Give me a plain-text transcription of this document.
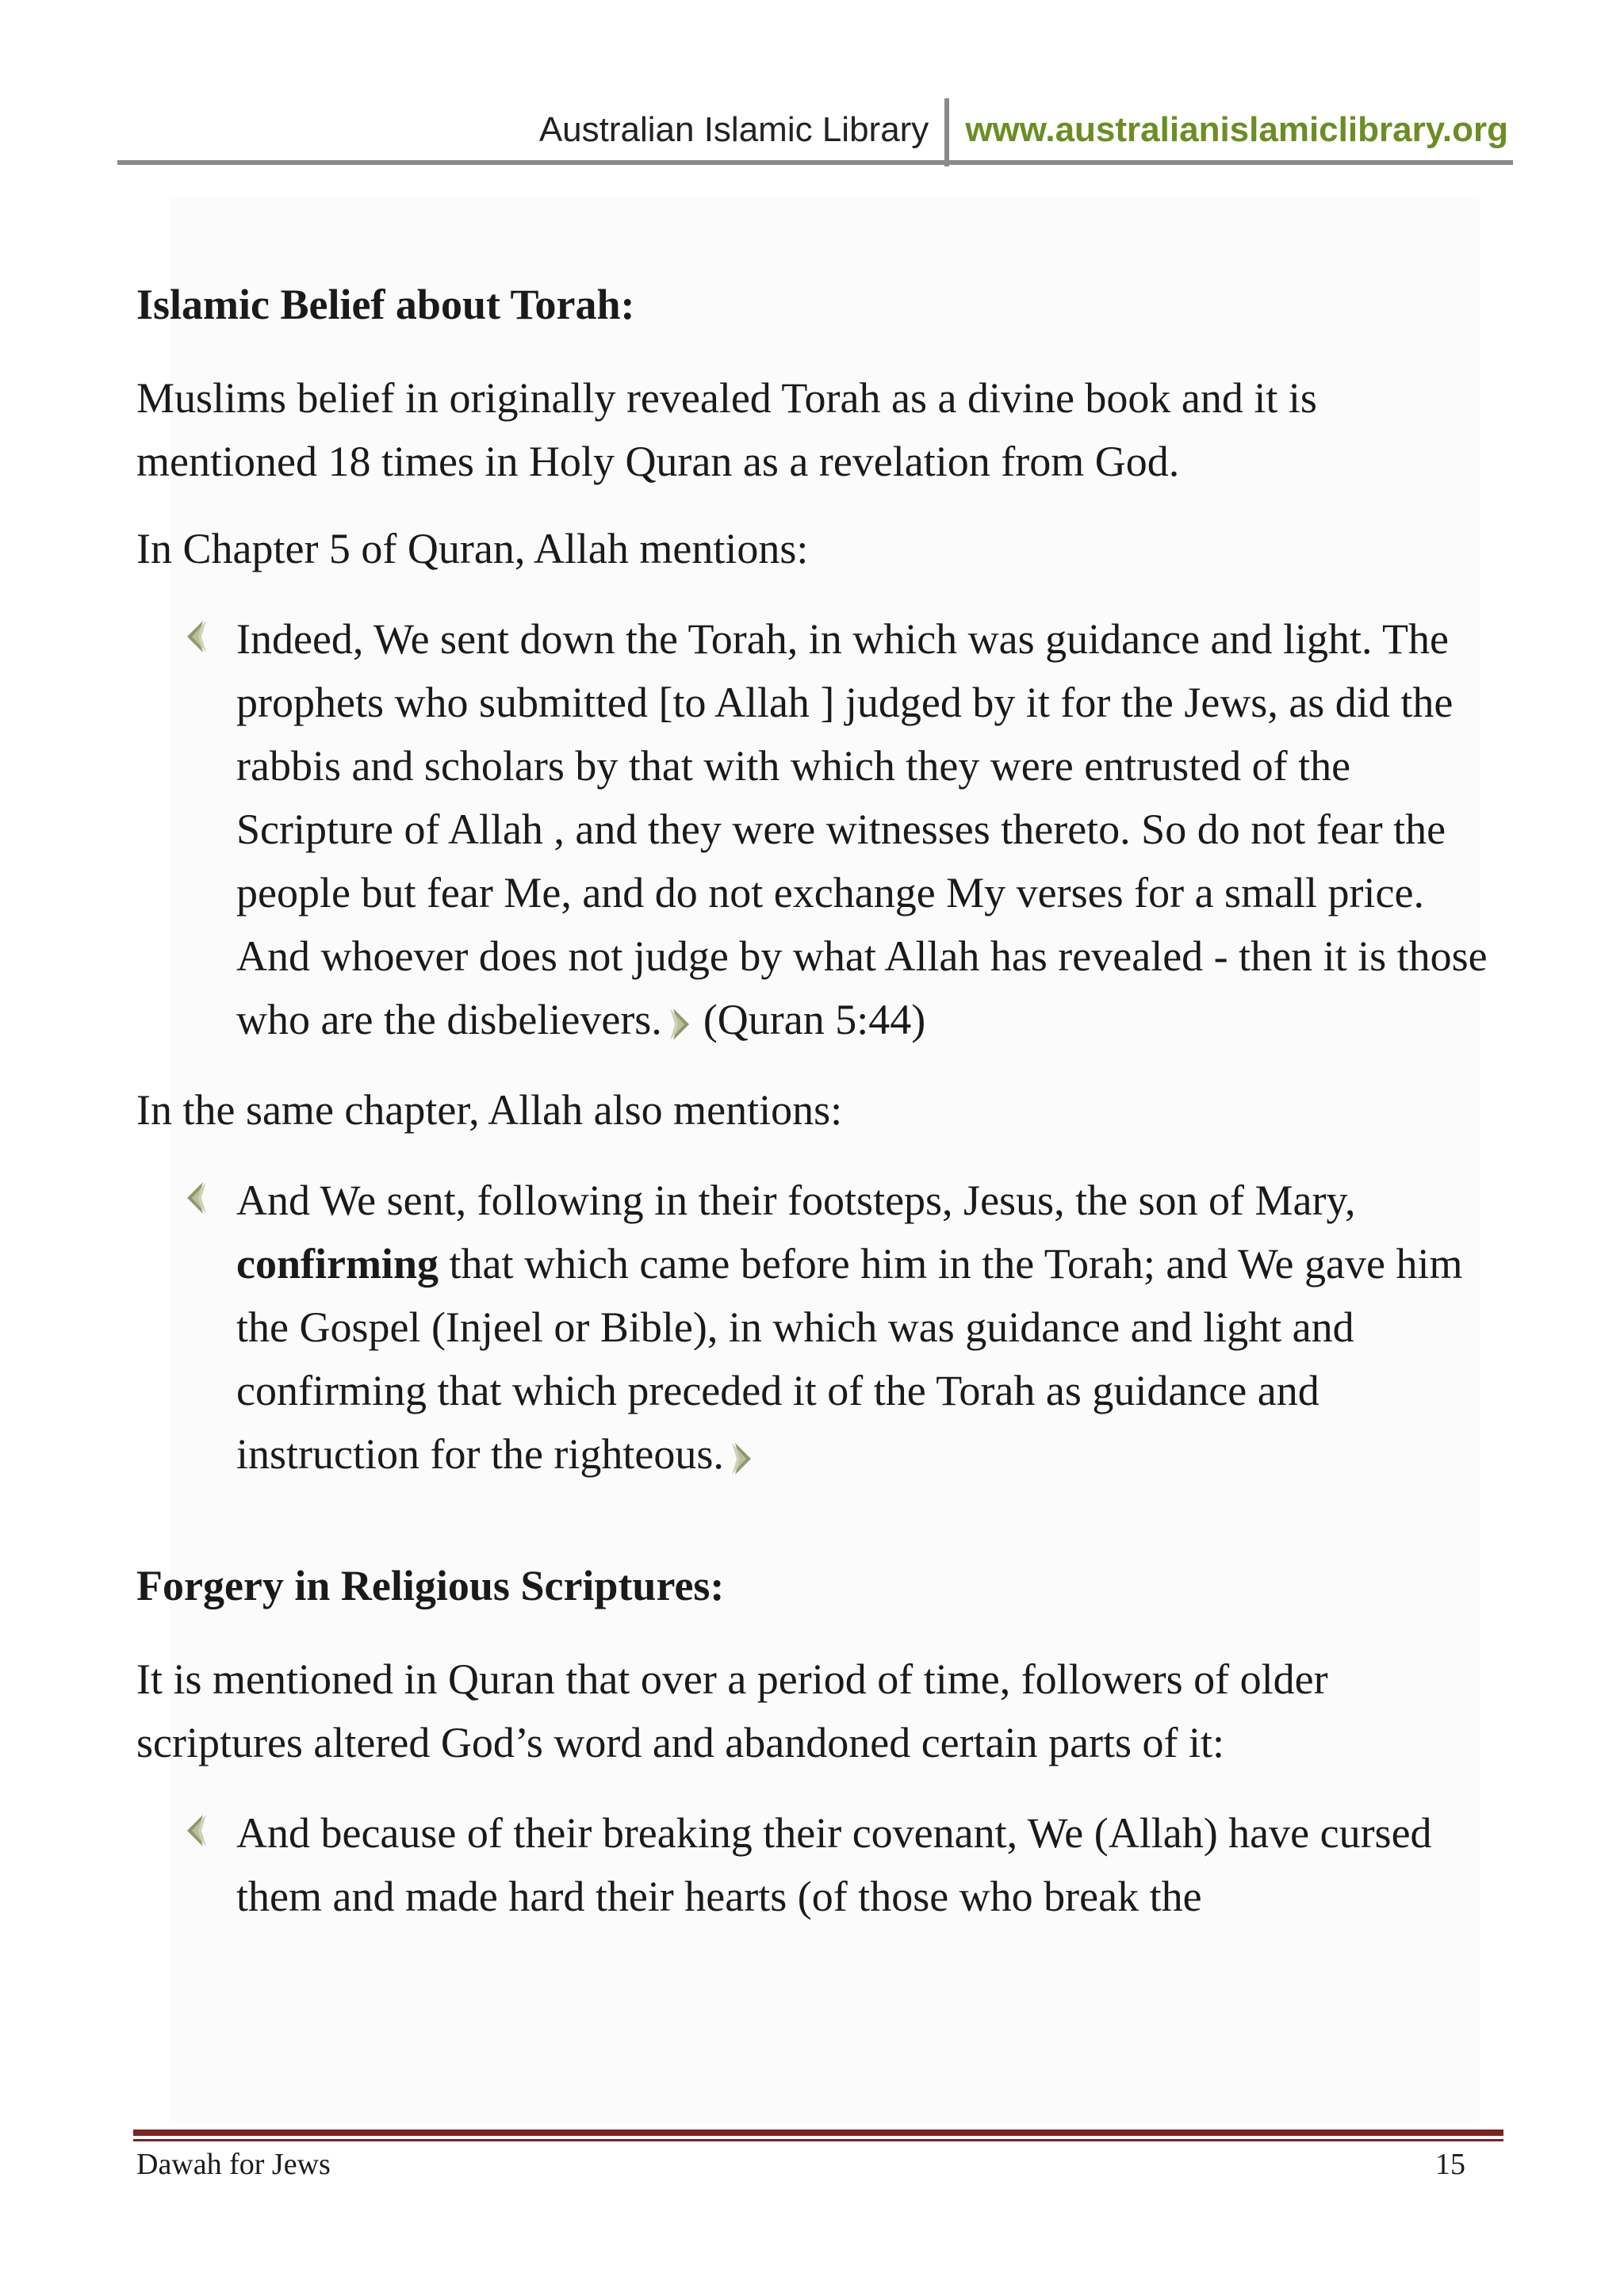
Australian Islamic Library	www.australianislamiclibrary.org
Islamic Belief about Torah:

Muslims belief in originally revealed Torah as a divine book and it is mentioned 18 times in Holy Quran as a revelation from God.

In Chapter 5 of Quran, Allah mentions:

Indeed, We sent down the Torah, in which was guidance and light. The prophets who submitted [to Allah ] judged by it for the Jews, as did the rabbis and scholars by that with which they were entrusted of the Scripture of Allah , and they were witnesses thereto. So do not fear the people but fear Me, and do not exchange My verses for a small price. And whoever does not judge by what Allah has revealed - then it is those who are the disbelievers. (Quran 5:44)

In the same chapter, Allah also mentions:

And We sent, following in their footsteps, Jesus, the son of Mary, confirming that which came before him in the Torah; and We gave him the Gospel (Injeel or Bible), in which was guidance and light and confirming that which preceded it of the Torah as guidance and instruction for the righteous.

Forgery in Religious Scriptures:

It is mentioned in Quran that over a period of time, followers of older scriptures altered God’s word and abandoned certain parts of it:

And because of their breaking their covenant, We (Allah) have cursed them and made hard their hearts (of those who break the

Dawah for Jews	15
